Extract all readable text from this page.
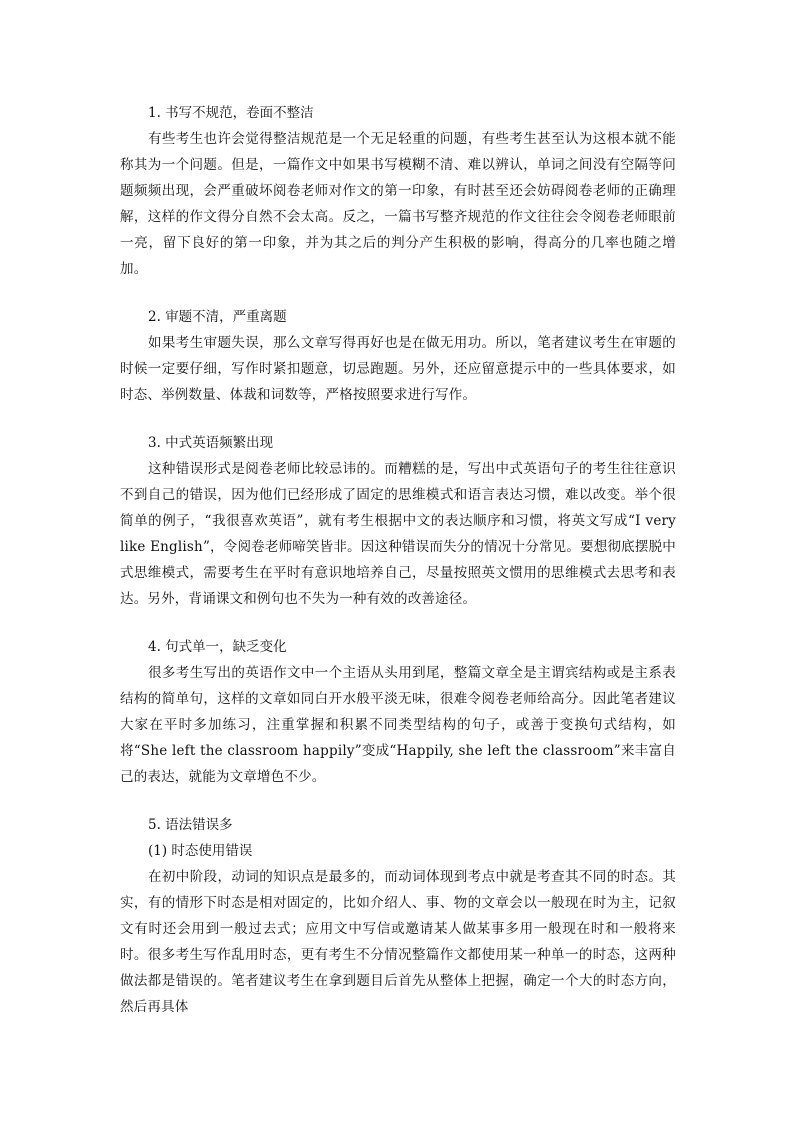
1. 书写不规范，卷面不整洁

有些考生也许会觉得整洁规范是一个无足轻重的问题，有些考生甚至认为这根本就不能称其为一个问题。但是，一篇作文中如果书写模糊不清、难以辨认，单词之间没有空隔等问题频频出现，会严重破坏阅卷老师对作文的第一印象，有时甚至还会妨碍阅卷老师的正确理解，这样的作文得分自然不会太高。反之，一篇书写整齐规范的作文往往会令阅卷老师眼前一亮，留下良好的第一印象，并为其之后的判分产生积极的影响，得高分的几率也随之增加。

2. 审题不清，严重离题

如果考生审题失误，那么文章写得再好也是在做无用功。所以，笔者建议考生在审题的时候一定要仔细，写作时紧扣题意，切忌跑题。另外，还应留意提示中的一些具体要求，如时态、举例数量、体裁和词数等，严格按照要求进行写作。

3. 中式英语频繁出现

这种错误形式是阅卷老师比较忌讳的。而糟糕的是，写出中式英语句子的考生往往意识不到自己的错误，因为他们已经形成了固定的思维模式和语言表达习惯，难以改变。举个很简单的例子，“我很喜欢英语”，就有考生根据中文的表达顺序和习惯，将英文写成“I very like English”，令阅卷老师啼笑皆非。因这种错误而失分的情况十分常见。要想彻底摆脱中式思维模式，需要考生在平时有意识地培养自己，尽量按照英文惯用的思维模式去思考和表达。另外，背诵课文和例句也不失为一种有效的改善途径。

4. 句式单一，缺乏变化

很多考生写出的英语作文中一个主语从头用到尾，整篇文章全是主谓宾结构或是主系表结构的简单句，这样的文章如同白开水般平淡无味，很难令阅卷老师给高分。因此笔者建议大家在平时多加练习，注重掌握和积累不同类型结构的句子，或善于变换句式结构，如将“She left the classroom happily”变成“Happily, she left the classroom”来丰富自己的表达，就能为文章增色不少。

5. 语法错误多

(1) 时态使用错误

在初中阶段，动词的知识点是最多的，而动词体现到考点中就是考查其不同的时态。其实，有的情形下时态是相对固定的，比如介绍人、事、物的文章会以一般现在时为主，记叙文有时还会用到一般过去式；应用文中写信或邀请某人做某事多用一般现在时和一般将来时。很多考生写作乱用时态，更有考生不分情况整篇作文都使用某一种单一的时态，这两种做法都是错误的。笔者建议考生在拿到题目后首先从整体上把握，确定一个大的时态方向，然后再具体
